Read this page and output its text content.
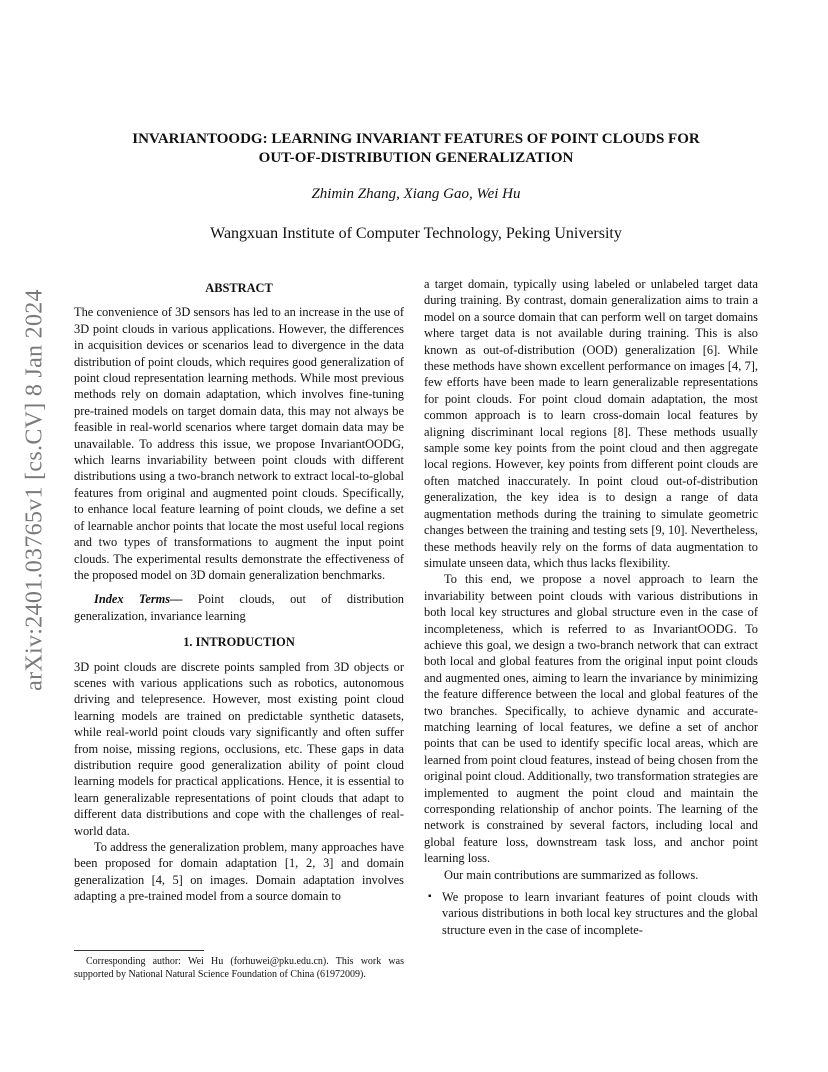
arXiv:2401.03765v1 [cs.CV] 8 Jan 2024
INVARIANTOODG: LEARNING INVARIANT FEATURES OF POINT CLOUDS FOR
OUT-OF-DISTRIBUTION GENERALIZATION
Zhimin Zhang, Xiang Gao, Wei Hu
Wangxuan Institute of Computer Technology, Peking University
ABSTRACT

The convenience of 3D sensors has led to an increase in the use of 3D point clouds in various applications. However, the differences in acquisition devices or scenarios lead to divergence in the data distribution of point clouds, which requires good generalization of point cloud representation learning methods. While most previous methods rely on domain adaptation, which involves fine-tuning pre-trained models on target domain data, this may not always be feasible in real-world scenarios where target domain data may be unavailable. To address this issue, we propose InvariantOODG, which learns invariability between point clouds with different distributions using a two-branch network to extract local-to-global features from original and augmented point clouds. Specifically, to enhance local feature learning of point clouds, we define a set of learnable anchor points that locate the most useful local regions and two types of transformations to augment the input point clouds. The experimental results demonstrate the effectiveness of the proposed model on 3D domain generalization benchmarks.

Index Terms— Point clouds, out of distribution generalization, invariance learning

1. INTRODUCTION

3D point clouds are discrete points sampled from 3D objects or scenes with various applications such as robotics, autonomous driving and telepresence. However, most existing point cloud learning models are trained on predictable synthetic datasets, while real-world point clouds vary significantly and often suffer from noise, missing regions, occlusions, etc. These gaps in data distribution require good generalization ability of point cloud learning models for practical applications. Hence, it is essential to learn generalizable representations of point clouds that adapt to different data distributions and cope with the challenges of real-world data.

To address the generalization problem, many approaches have been proposed for domain adaptation [1, 2, 3] and domain generalization [4, 5] on images. Domain adaptation involves adapting a pre-trained model from a source domain to

Corresponding author: Wei Hu (forhuwei@pku.edu.cn). This work was supported by National Natural Science Foundation of China (61972009).

a target domain, typically using labeled or unlabeled target data during training. By contrast, domain generalization aims to train a model on a source domain that can perform well on target domains where target data is not available during training. This is also known as out-of-distribution (OOD) generalization [6]. While these methods have shown excellent performance on images [4, 7], few efforts have been made to learn generalizable representations for point clouds. For point cloud domain adaptation, the most common approach is to learn cross-domain local features by aligning discriminant local regions [8]. These methods usually sample some key points from the point cloud and then aggregate local regions. However, key points from different point clouds are often matched inaccurately. In point cloud out-of-distribution generalization, the key idea is to design a range of data augmentation methods during the training to simulate geometric changes between the training and testing sets [9, 10]. Nevertheless, these methods heavily rely on the forms of data augmentation to simulate unseen data, which thus lacks flexibility.

To this end, we propose a novel approach to learn the invariability between point clouds with various distributions in both local key structures and global structure even in the case of incompleteness, which is referred to as InvariantOODG. To achieve this goal, we design a two-branch network that can extract both local and global features from the original input point clouds and augmented ones, aiming to learn the invariance by minimizing the feature difference between the local and global features of the two branches. Specifically, to achieve dynamic and accurate-matching learning of local features, we define a set of anchor points that can be used to identify specific local areas, which are learned from point cloud features, instead of being chosen from the original point cloud. Additionally, two transformation strategies are implemented to augment the point cloud and maintain the corresponding relationship of anchor points. The learning of the network is constrained by several factors, including local and global feature loss, downstream task loss, and anchor point learning loss.

Our main contributions are summarized as follows.

▪ We propose to learn invariant features of point clouds with various distributions in both local key structures and the global structure even in the case of incomplete-
